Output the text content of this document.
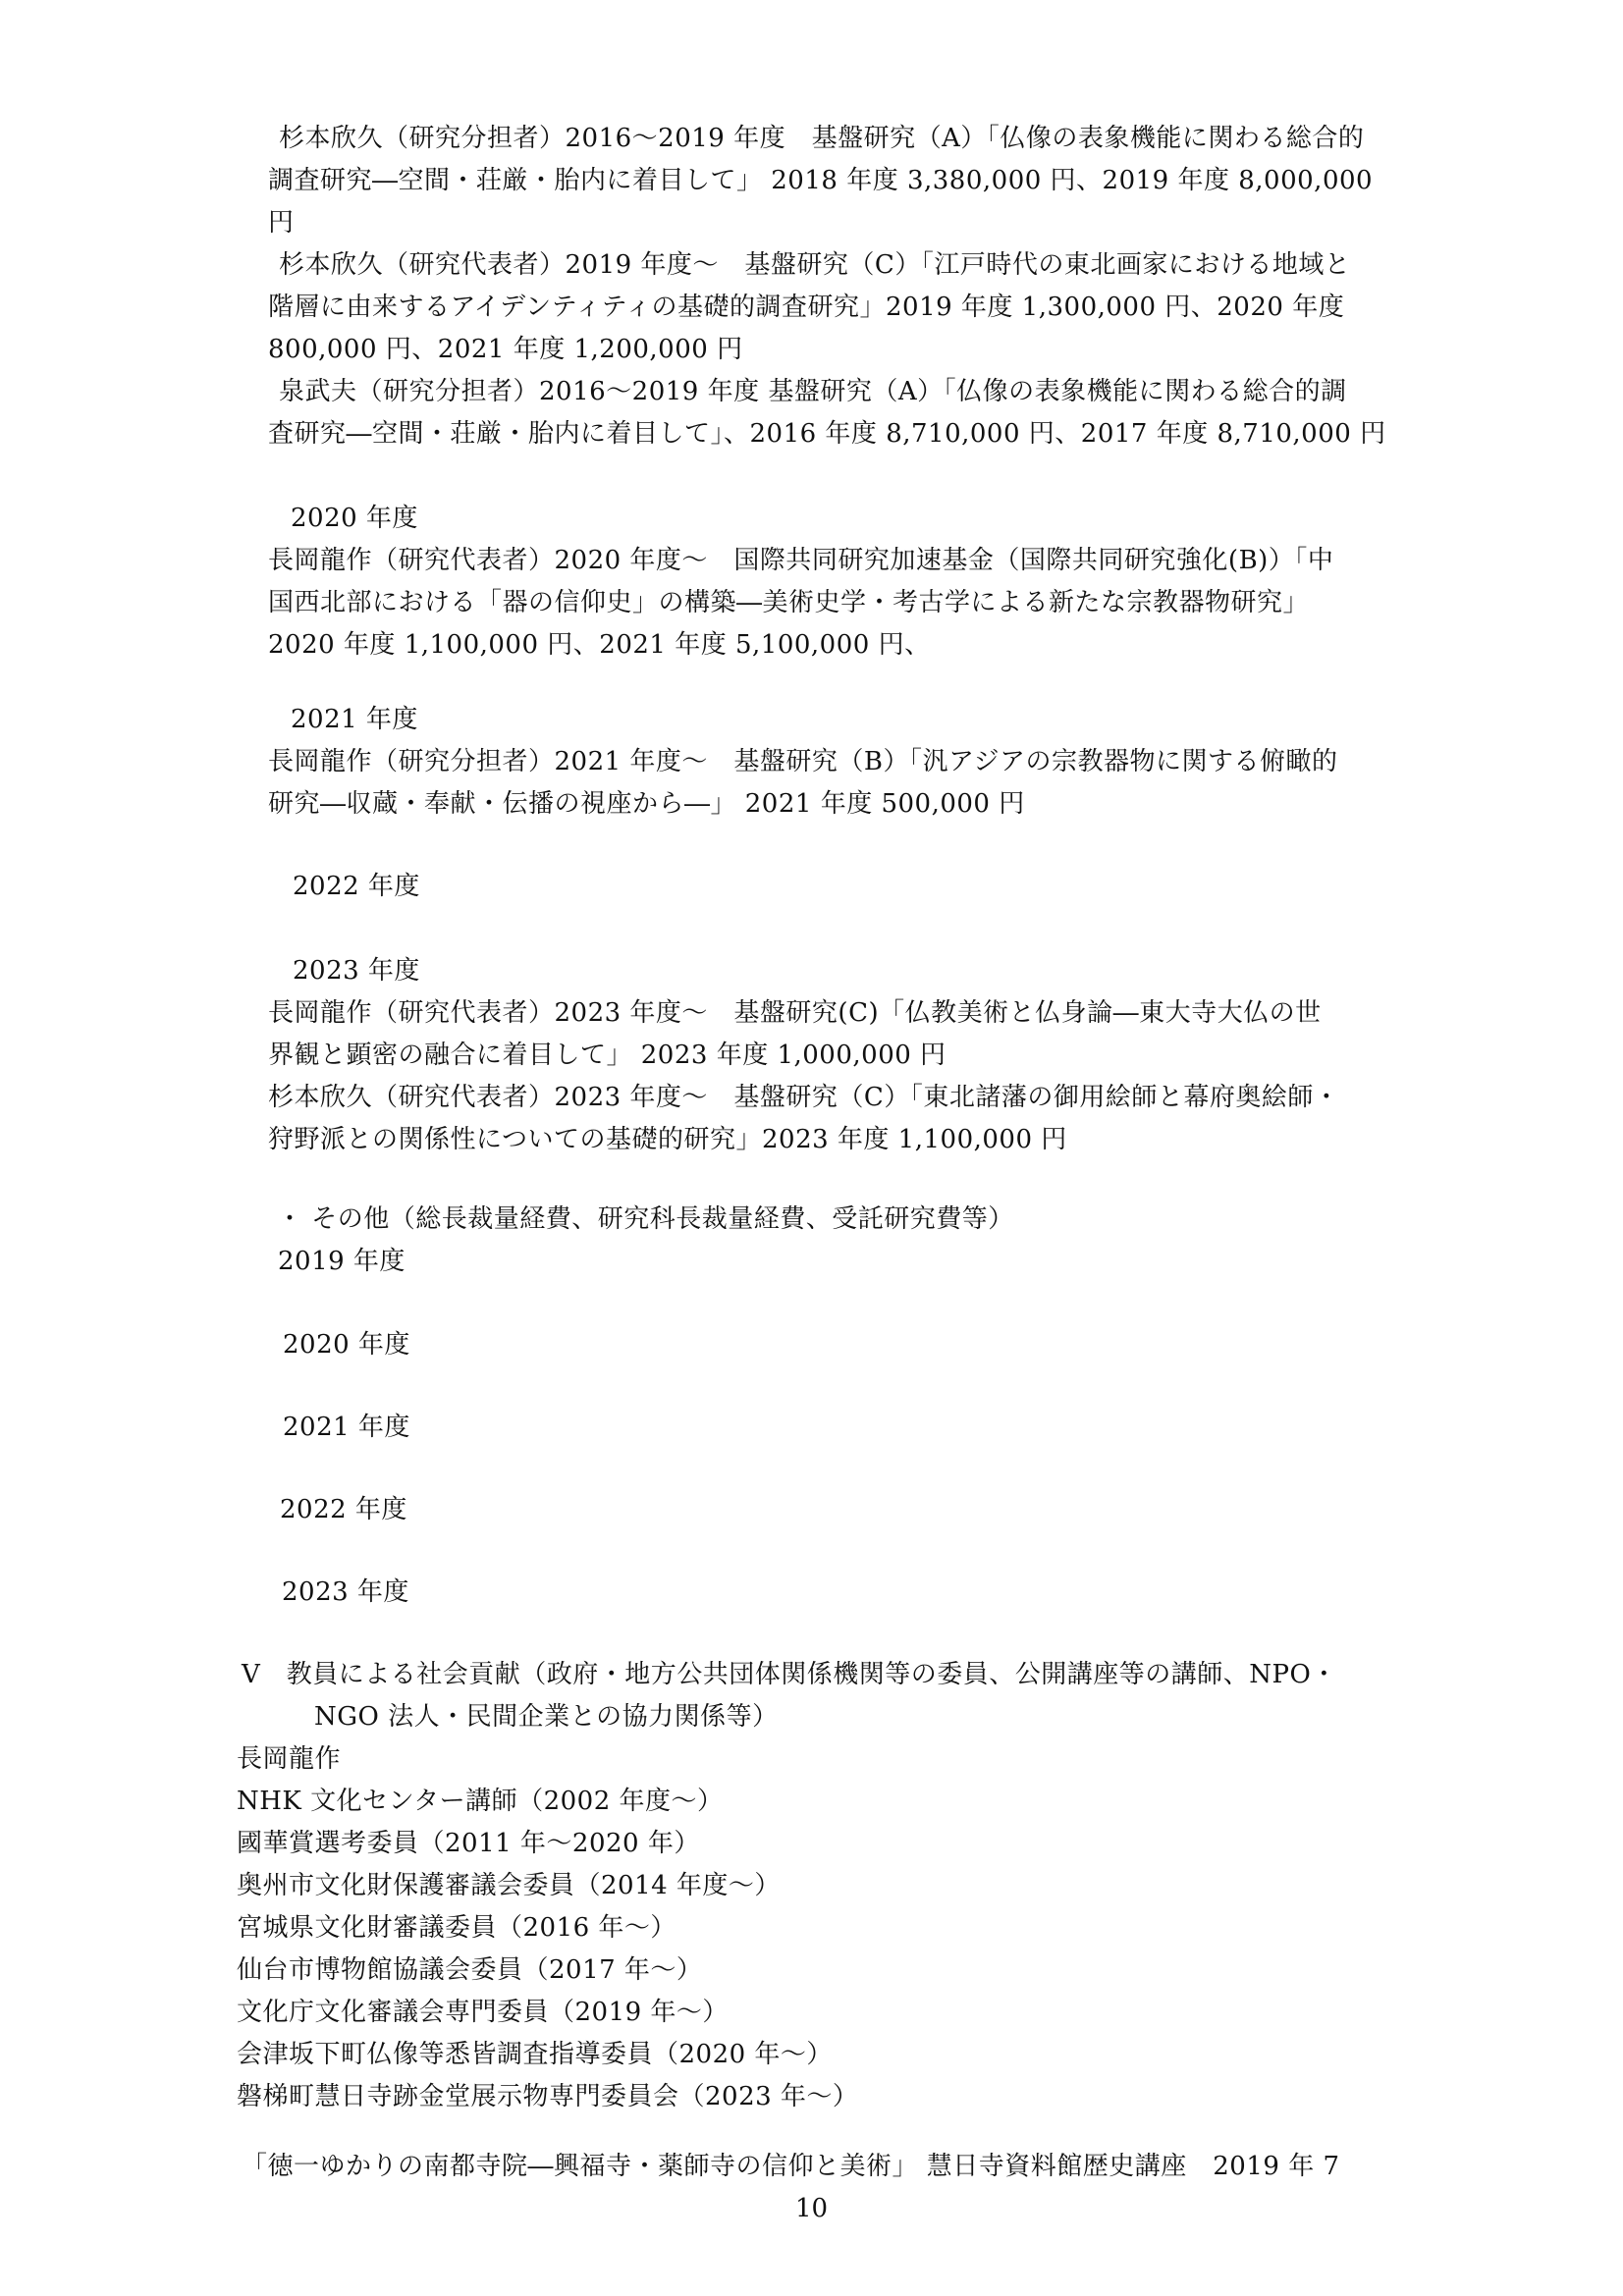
杉本欣久（研究分担者）2016〜2019 年度　基盤研究（A）「仏像の表象機能に関わる総合的
調査研究―空間・荘厳・胎内に着目して」 2018 年度 3,380,000 円、2019 年度 8,000,000
円
杉本欣久（研究代表者）2019 年度〜　基盤研究（C）「江戸時代の東北画家における地域と
階層に由来するアイデンティティの基礎的調査研究」2019 年度 1,300,000 円、2020 年度
800,000 円、2021 年度 1,200,000 円
泉武夫（研究分担者）2016〜2019 年度 基盤研究（A）「仏像の表象機能に関わる総合的調
査研究―空間・荘厳・胎内に着目して」、2016 年度 8,710,000 円、2017 年度 8,710,000 円
2020 年度
長岡龍作（研究代表者）2020 年度〜　国際共同研究加速基金（国際共同研究強化(B)）「中
国西北部における「器の信仰史」の構築―美術史学・考古学による新たな宗教器物研究」
2020 年度 1,100,000 円、2021 年度 5,100,000 円、
2021 年度
長岡龍作（研究分担者）2021 年度〜　基盤研究（B）「汎アジアの宗教器物に関する俯瞰的
研究―収蔵・奉献・伝播の視座から―」 2021 年度 500,000 円
2022 年度
2023 年度
長岡龍作（研究代表者）2023 年度〜　基盤研究(C)「仏教美術と仏身論―東大寺大仏の世
界観と顕密の融合に着目して」 2023 年度 1,000,000 円
杉本欣久（研究代表者）2023 年度〜　基盤研究（C）「東北諸藩の御用絵師と幕府奥絵師・
狩野派との関係性についての基礎的研究」2023 年度 1,100,000 円
・ その他（総長裁量経費、研究科長裁量経費、受託研究費等）
2019 年度
2020 年度
2021 年度
2022 年度
2023 年度
V　教員による社会貢献（政府・地方公共団体関係機関等の委員、公開講座等の講師、NPO・
NGO 法人・民間企業との協力関係等）
長岡龍作
NHK 文化センター講師（2002 年度〜）
國華賞選考委員（2011 年〜2020 年）
奥州市文化財保護審議会委員（2014 年度〜）
宮城県文化財審議委員（2016 年〜）
仙台市博物館協議会委員（2017 年〜）
文化庁文化審議会専門委員（2019 年〜）
会津坂下町仏像等悉皆調査指導委員（2020 年〜）
磐梯町慧日寺跡金堂展示物専門委員会（2023 年〜）
「徳一ゆかりの南都寺院―興福寺・薬師寺の信仰と美術」 慧日寺資料館歴史講座　2019 年 7
10
